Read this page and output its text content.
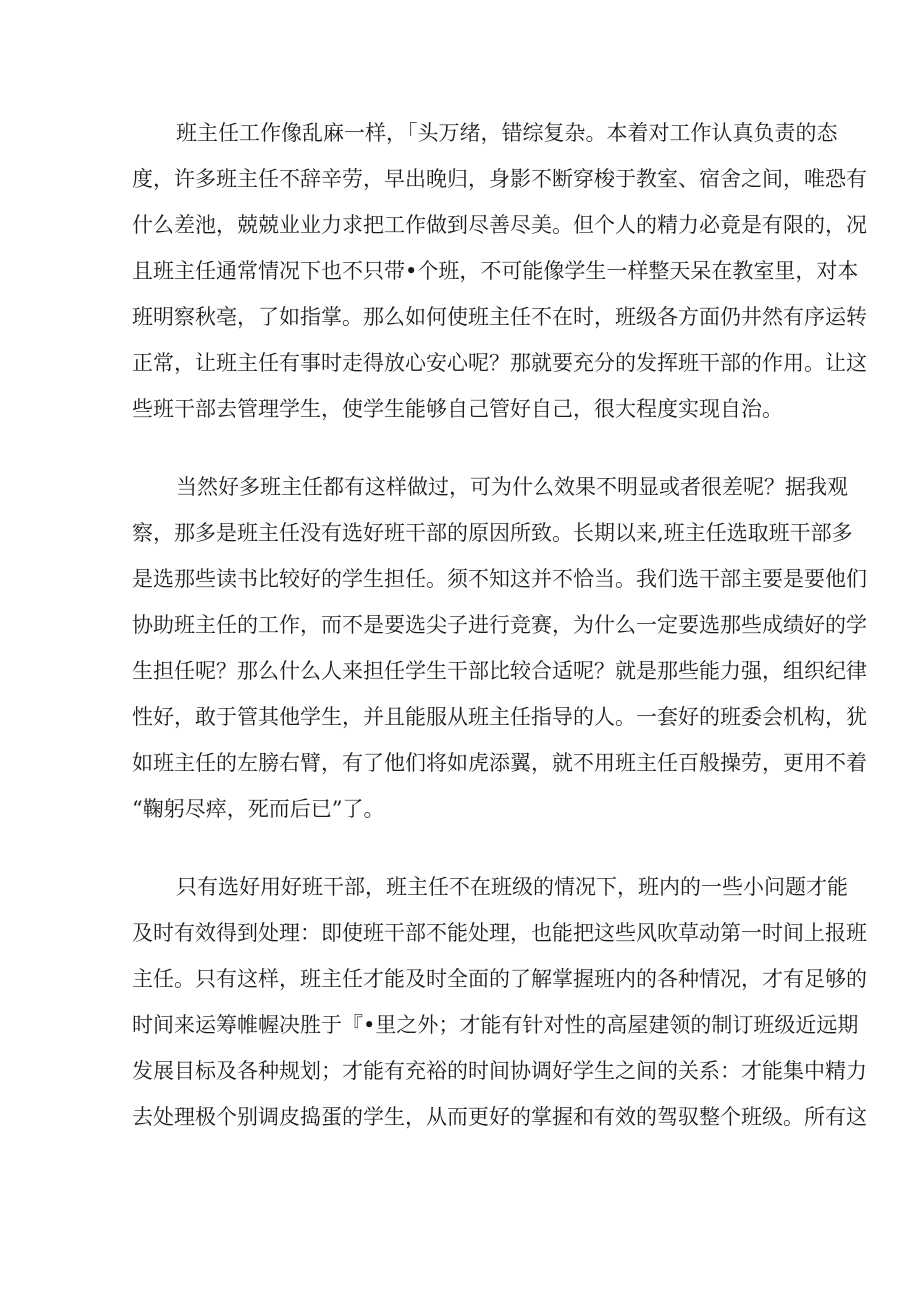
班主任工作像乱麻一样，「头万绪，错综复杂。本着对工作认真负责的态
度，许多班主任不辞辛劳，早出晚归，身影不断穿梭于教室、宿舍之间，唯恐有
什么差池，兢兢业业力求把工作做到尽善尽美。但个人的精力必竟是有限的，况
且班主任通常情况下也不只带•个班，不可能像学生一样整天呆在教室里，对本
班明察秋亳，了如指掌。那么如何使班主任不在时，班级各方面仍井然有序运转
正常，让班主任有事时走得放心安心呢？那就要充分的发挥班干部的作用。让这
些班干部去管理学生，使学生能够自己管好自己，很大程度实现自治。
当然好多班主任都有这样做过，可为什么效果不明显或者很差呢？据我观
察，那多是班主任没有选好班干部的原因所致。长期以来,班主任选取班干部多
是选那些读书比较好的学生担任。须不知这并不恰当。我们选干部主要是要他们
协助班主任的工作，而不是要选尖子进行竞赛，为什么一定要选那些成绩好的学
生担任呢？那么什么人来担任学生干部比较合适呢？就是那些能力强，组织纪律
性好，敢于管其他学生，并且能服从班主任指导的人。一套好的班委会机构，犹
如班主任的左膀右臂，有了他们将如虎添翼，就不用班主任百般操劳，更用不着
“鞠躬尽瘁，死而后已”了。
只有选好用好班干部，班主任不在班级的情况下，班内的一些小问题才能
及时有效得到处理：即使班干部不能处理，也能把这些风吹草动第一时间上报班
主任。只有这样，班主任才能及时全面的了解掌握班内的各种情况，才有足够的
时间来运筹帷幄决胜于『•里之外；才能有针对性的高屋建领的制订班级近远期
发展目标及各种规划；才能有充裕的时间协调好学生之间的关系：才能集中精力
去处理极个别调皮捣蛋的学生，从而更好的掌握和有效的驾驭整个班级。所有这
